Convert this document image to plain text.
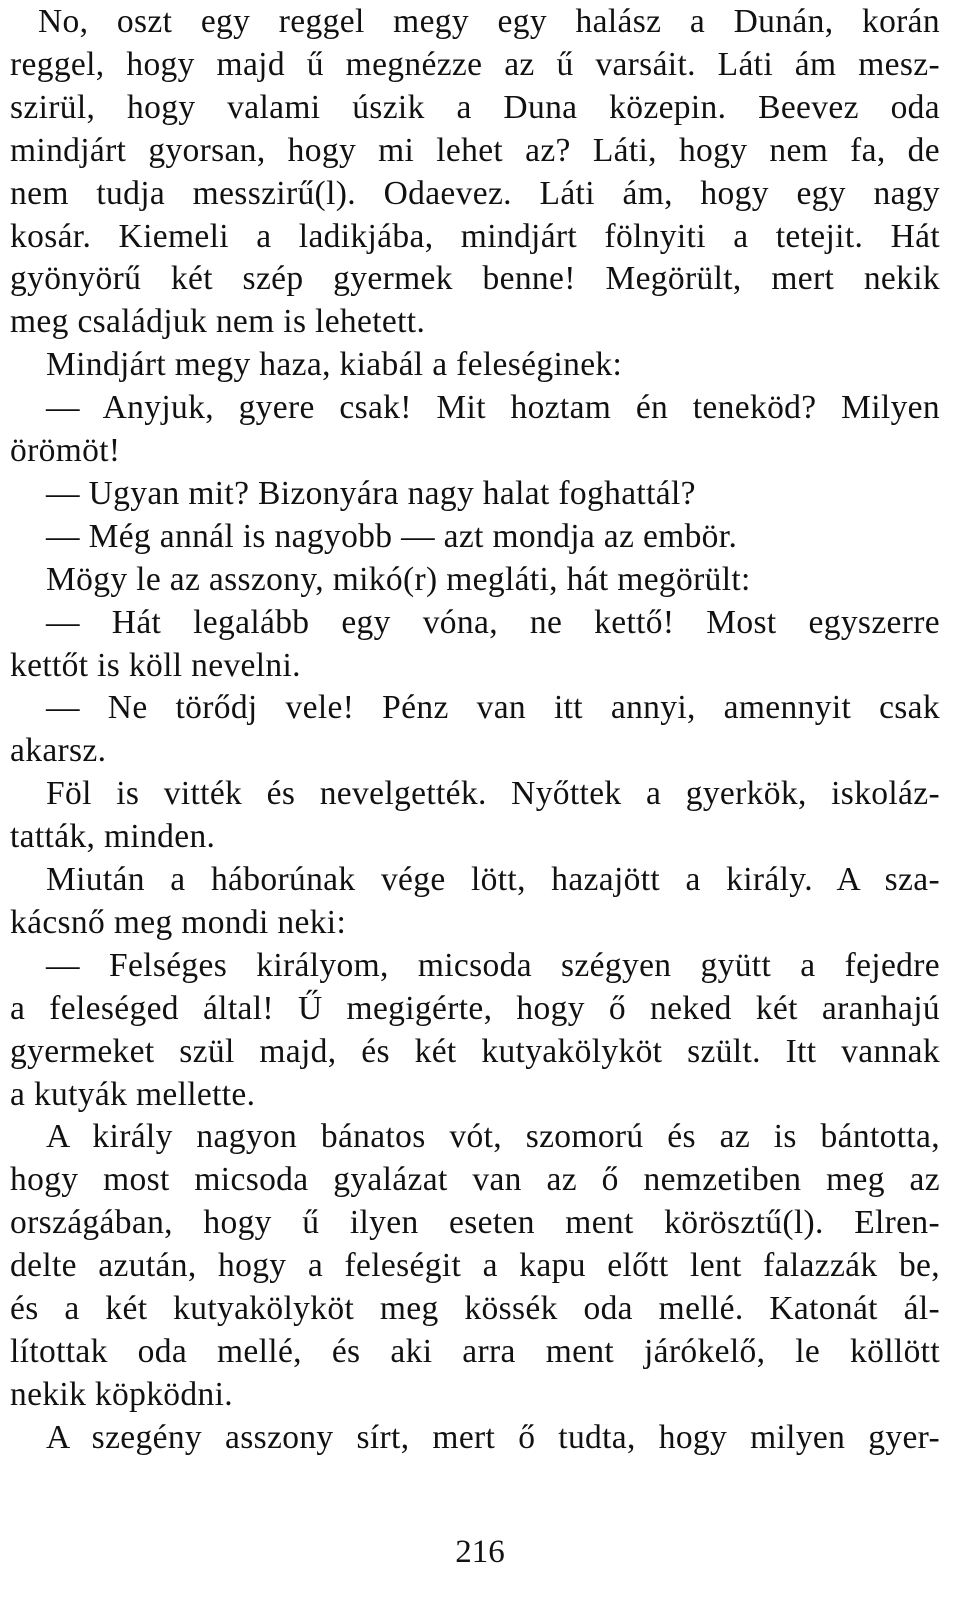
No, oszt egy reggel megy egy halász a Dunán, korán
reggel, hogy majd ű megnézze az ű varsáit. Láti ám mesz-
szirül, hogy valami úszik a Duna közepin. Beevez oda
mindjárt gyorsan, hogy mi lehet az? Láti, hogy nem fa, de
nem tudja messzirű(l). Odaevez. Láti ám, hogy egy nagy
kosár. Kiemeli a ladikjába, mindjárt fölnyiti a tetejit. Hát
gyönyörű két szép gyermek benne! Megörült, mert nekik
meg családjuk nem is lehetett.
Mindjárt megy haza, kiabál a feleséginek:
— Anyjuk, gyere csak! Mit hoztam én teneköd? Milyen
örömöt!
— Ugyan mit? Bizonyára nagy halat foghattál?
— Még annál is nagyobb — azt mondja az embör.
Mögy le az asszony, mikó(r) megláti, hát megörült:
— Hát legalább egy vóna, ne kettő! Most egyszerre
kettőt is köll nevelni.
— Ne törődj vele! Pénz van itt annyi, amennyit csak
akarsz.
Föl is vitték és nevelgették. Nyőttek a gyerkök, iskoláz-
tatták, minden.
Miután a háborúnak vége lött, hazajött a király. A sza-
kácsnő meg mondi neki:
— Felséges királyom, micsoda szégyen gyütt a fejedre
a feleséged által! Ű megigérte, hogy ő neked két aranhajú
gyermeket szül majd, és két kutyakölyköt szült. Itt vannak
a kutyák mellette.
A király nagyon bánatos vót, szomorú és az is bántotta,
hogy most micsoda gyalázat van az ő nemzetiben meg az
országában, hogy ű ilyen eseten ment körösztű(l). Elren-
delte azután, hogy a feleségit a kapu előtt lent falazzák be,
és a két kutyakölyköt meg kössék oda mellé. Katonát ál-
lítottak oda mellé, és aki arra ment járókelő, le köllött
nekik köpködni.
A szegény asszony sírt, mert ő tudta, hogy milyen gyer-
216
